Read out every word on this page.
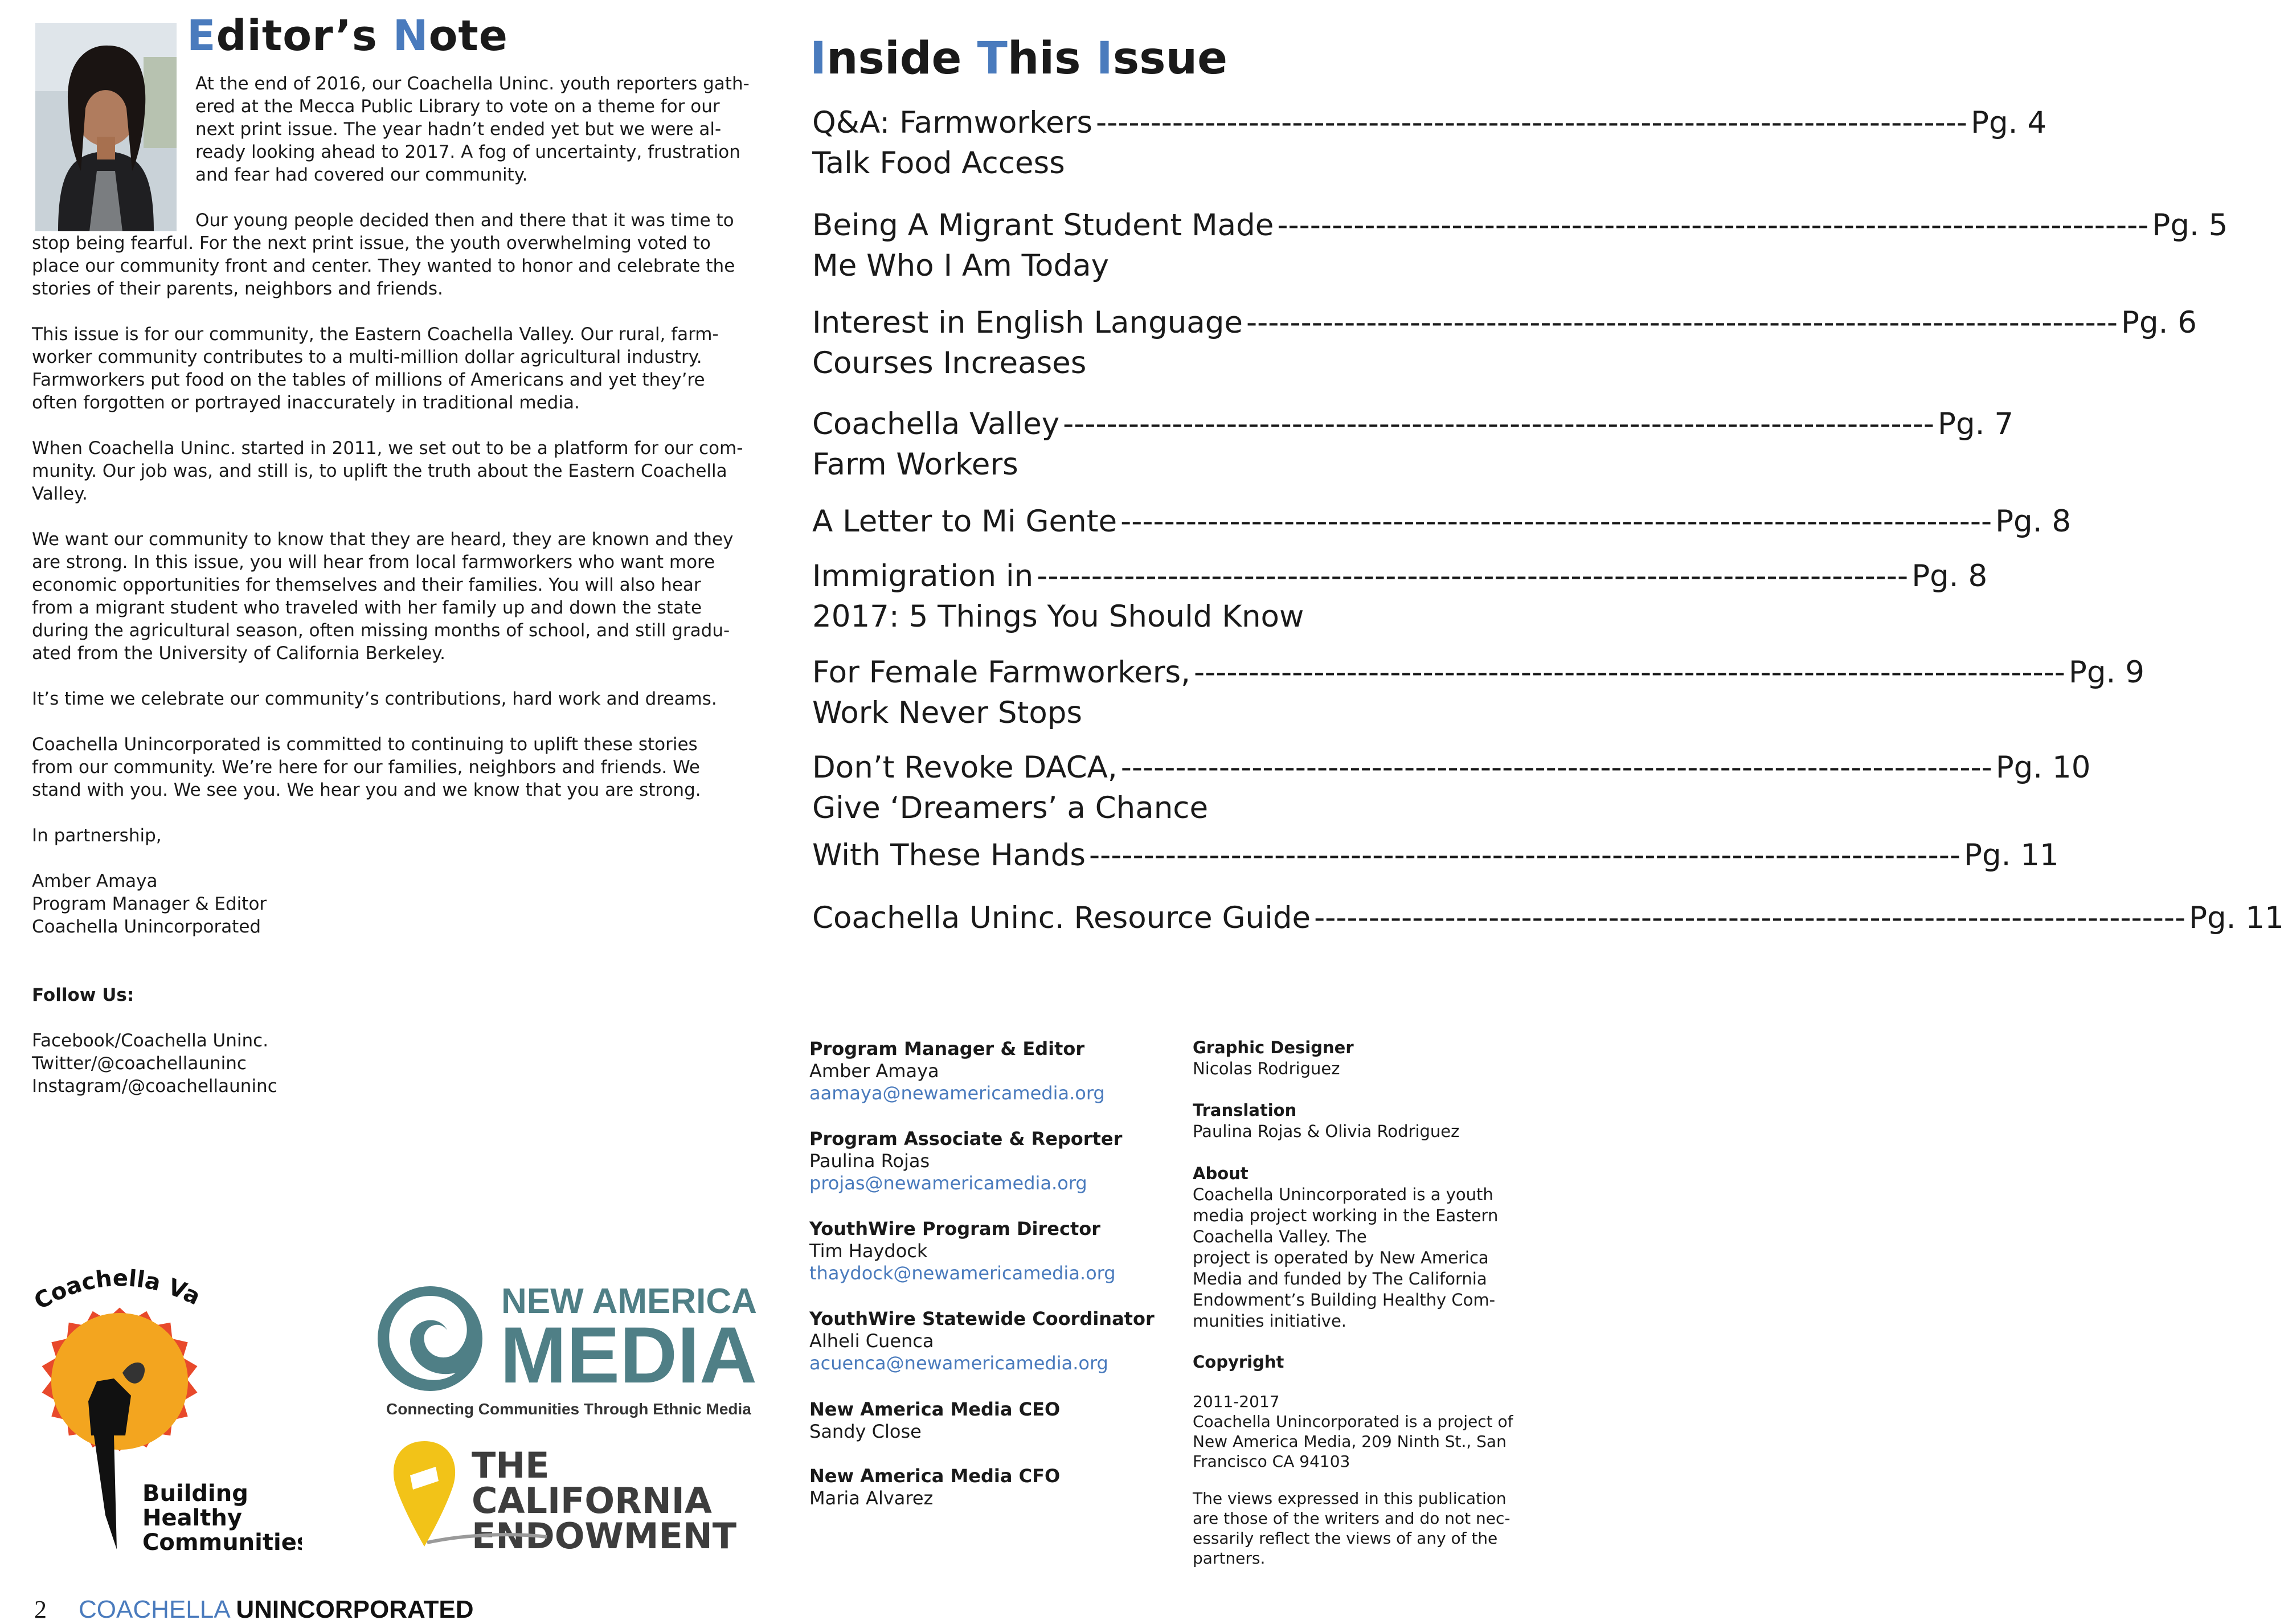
Editor’s Note
At the end of 2016, our Coachella Uninc. youth reporters gath-
ered at the Mecca Public Library to vote on a theme for our
next print issue. The year hadn’t ended yet but we were al-
ready looking ahead to 2017. A fog of uncertainty, frustration
and fear had covered our community.
Our young people decided then and there that it was time to
stop being fearful. For the next print issue, the youth overwhelming voted to
place our community front and center. They wanted to honor and celebrate the
stories of their parents, neighbors and friends.
This issue is for our community, the Eastern Coachella Valley. Our rural, farm-
worker community contributes to a multi-million dollar agricultural industry.
Farmworkers put food on the tables of millions of Americans and yet they’re
often forgotten or portrayed inaccurately in traditional media.
When Coachella Uninc. started in 2011, we set out to be a platform for our com-
munity. Our job was, and still is, to uplift the truth about the Eastern Coachella
Valley.
We want our community to know that they are heard, they are known and they
are strong. In this issue, you will hear from local farmworkers who want more
economic opportunities for themselves and their families. You will also hear
from a migrant student who traveled with her family up and down the state
during the agricultural season, often missing months of school, and still gradu-
ated from the University of California Berkeley.
It’s time we celebrate our community’s contributions, hard work and dreams.
Coachella Unincorporated is committed to continuing to uplift these stories
from our community. We’re here for our families, neighbors and friends. We
stand with you. We see you. We hear you and we know that you are strong.
In partnership,
Amber Amaya
Program Manager & Editor
Coachella Unincorporated
Inside This Issue
Q&A: Farmworkers -------------------------------------------------------------------------------- Pg. 4
Talk Food Access
Being A Migrant Student Made -------------------------------------------------------------------------------- Pg. 5
Me Who I Am Today
Interest in English Language -------------------------------------------------------------------------------- Pg. 6
Courses Increases
Coachella Valley -------------------------------------------------------------------------------- Pg. 7
Farm Workers
A Letter to Mi Gente -------------------------------------------------------------------------------- Pg. 8
Immigration in -------------------------------------------------------------------------------- Pg. 8
2017: 5 Things You Should Know
For Female Farmworkers, -------------------------------------------------------------------------------- Pg. 9
Work Never Stops
Don’t Revoke DACA, -------------------------------------------------------------------------------- Pg. 10
Give ‘Dreamers’ a Chance
With These Hands -------------------------------------------------------------------------------- Pg. 11
Coachella Uninc. Resource Guide -------------------------------------------------------------------------------- Pg. 11
Follow Us:
Facebook/Coachella Uninc.
Twitter/@coachellauninc
Instagram/@coachellauninc
Program Manager & Editor
Amber Amaya
aamaya@newamericamedia.org
Program Associate & Reporter
Paulina Rojas
projas@newamericamedia.org
YouthWire Program Director
Tim Haydock
thaydock@newamericamedia.org
YouthWire Statewide Coordinator
Alheli Cuenca
acuenca@newamericamedia.org
New America Media CEO
Sandy Close
New America Media CFO
Maria Alvarez
Graphic Designer
Nicolas Rodriguez
Translation
Paulina Rojas & Olivia Rodriguez
About
Coachella Unincorporated is a youth
media project working in the Eastern
Coachella Valley. The
project is operated by New America
Media and funded by The California
Endowment’s Building Healthy Com-
munities initiative.
Copyright
2011-2017
Coachella Unincorporated is a project of
New America Media, 209 Ninth St., San
Francisco CA 94103
The views expressed in this publication
are those of the writers and do not nec-
essarily reflect the views of any of the
partners.
Coachella Va
Building
Healthy
Communities
NEW AMERICA
MEDIA
Connecting Communities Through Ethnic Media
THE
CALIFORNIA
ENDOWMENT
2 COACHELLA UNINCORPORATED
